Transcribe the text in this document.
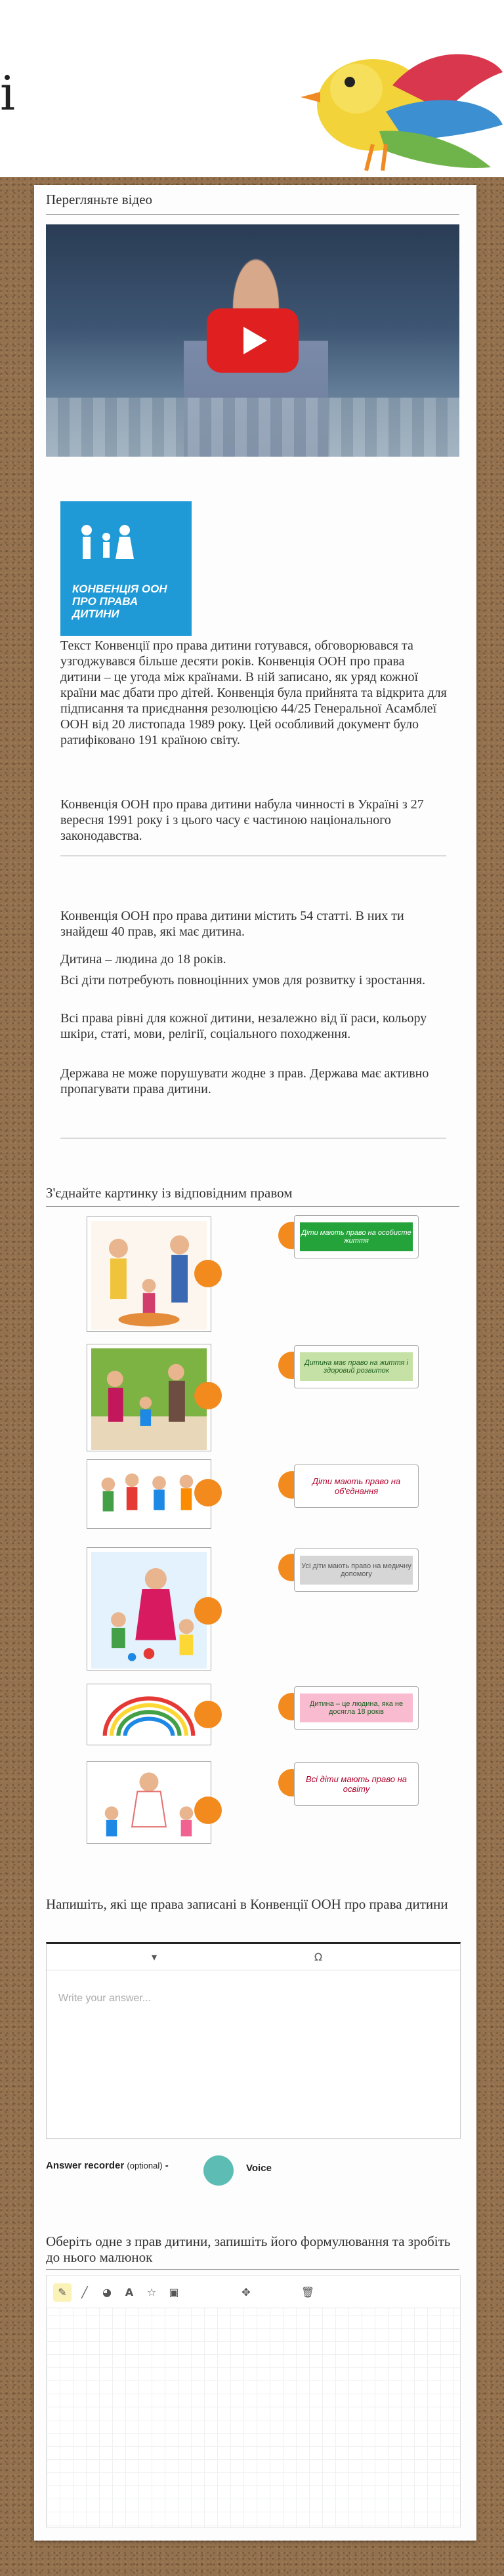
і
Перегляньте відео
КОНВЕНЦІЯ ООН ПРО ПРАВА ДИТИНИ
Текст Конвенції про права дитини готувався, обговорювався та узгоджувався більше десяти років. Конвенція ООН про права дитини – це угода між країнами. В ній записано, як уряд кожної країни має дбати про дітей. Конвенція була прийнята та відкрита для підписання та приєднання резолюцією 44/25 Генеральної Асамблеї ООН від 20 листопада 1989 року. Цей особливий документ було ратифіковано 191 країною світу.
Конвенція ООН про права дитини набула чинності в Україні з 27 вересня 1991 року і з цього часу є частиною національного законодавства.
Конвенція ООН про права дитини містить 54 статті. В них ти знайдеш 40 прав, які має дитина.
Дитина – людина до 18 років.
Всі діти потребують повноцінних умов для розвитку і зростання.
Всі права рівні для кожної дитини, незалежно від її раси, кольору шкіри, статі, мови, релігії, соціального походження.
Держава не може порушувати жодне з прав. Держава має активно пропагувати права дитини.
З'єднайте картинку із відповідним правом
Діти мають право на особисте життя
Дитина має право на життя і здоровий розвиток
Діти мають право на об'єднання
Усі діти мають право на медичну допомогу
Дитина – це людина, яка не досягла 18 років
Всі діти мають право на освіту
Напишіть, які ще права записані в Конвенції ООН про права дитини
▾	Ω
Write your answer...
Answer recorder (optional) -	Voice
Оберіть одне з прав дитини, запишіть його формулювання та зробіть до нього малюнок
✎	╱	◕	A	☆	▣	✥	🗑
